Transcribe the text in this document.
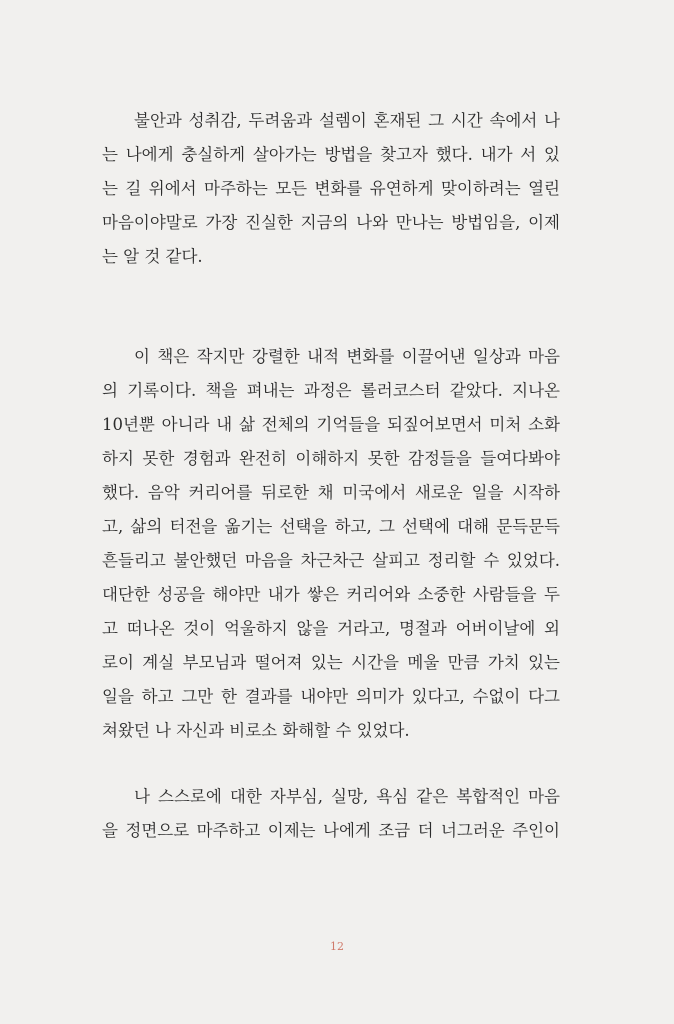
불안과 성취감, 두려움과 설렘이 혼재된 그 시간 속에서 나
는 나에게 충실하게 살아가는 방법을 찾고자 했다. 내가 서 있
는 길 위에서 마주하는 모든 변화를 유연하게 맞이하려는 열린
마음이야말로 가장 진실한 지금의 나와 만나는 방법임을, 이제
는 알 것 같다.
이 책은 작지만 강렬한 내적 변화를 이끌어낸 일상과 마음
의 기록이다. 책을 펴내는 과정은 롤러코스터 같았다. 지나온
10년뿐 아니라 내 삶 전체의 기억들을 되짚어보면서 미처 소화
하지 못한 경험과 완전히 이해하지 못한 감정들을 들여다봐야
했다. 음악 커리어를 뒤로한 채 미국에서 새로운 일을 시작하
고, 삶의 터전을 옮기는 선택을 하고, 그 선택에 대해 문득문득
흔들리고 불안했던 마음을 차근차근 살피고 정리할 수 있었다.
대단한 성공을 해야만 내가 쌓은 커리어와 소중한 사람들을 두
고 떠나온 것이 억울하지 않을 거라고, 명절과 어버이날에 외
로이 계실 부모님과 떨어져 있는 시간을 메울 만큼 가치 있는
일을 하고 그만 한 결과를 내야만 의미가 있다고, 수없이 다그
쳐왔던 나 자신과 비로소 화해할 수 있었다.
나 스스로에 대한 자부심, 실망, 욕심 같은 복합적인 마음
을 정면으로 마주하고 이제는 나에게 조금 더 너그러운 주인이
12
